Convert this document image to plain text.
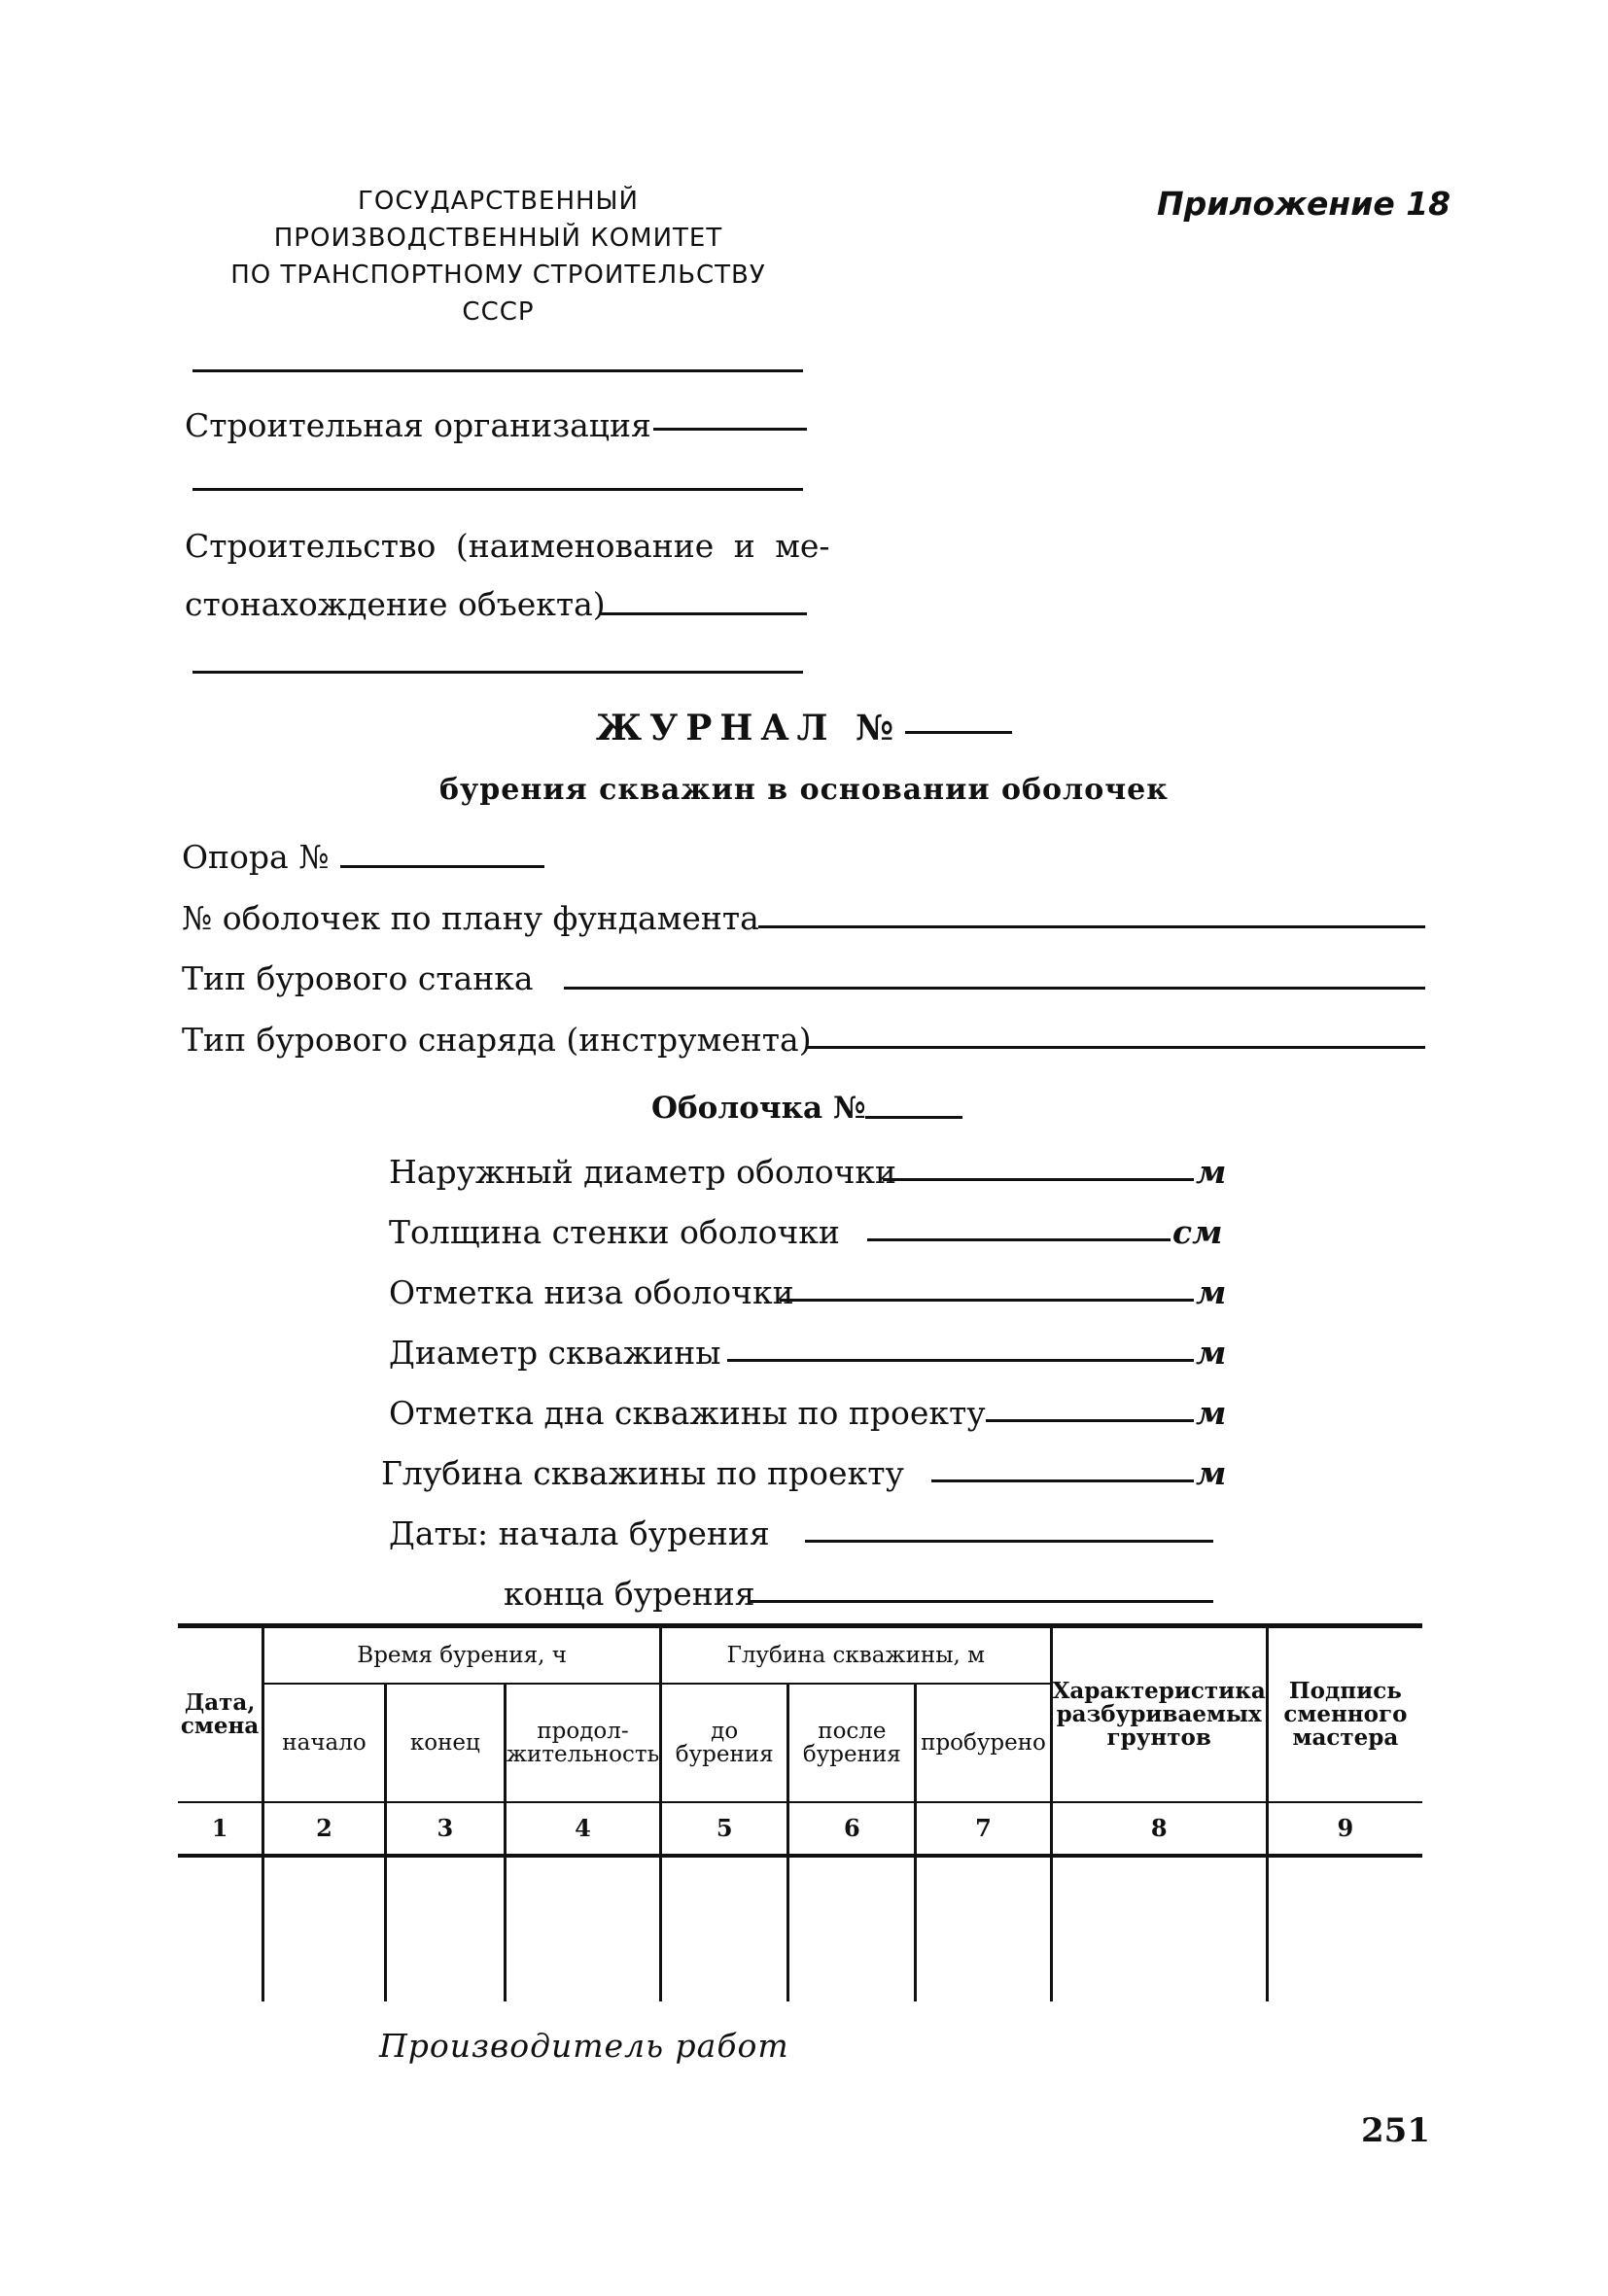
ГОСУДАРСТВЕННЫЙ
ПРОИЗВОДСТВЕННЫЙ КОМИТЕТ
ПО ТРАНСПОРТНОМУ СТРОИТЕЛЬСТВУ
СССР
Приложение 18
Строительная организация
Строительство (наименование и ме-
стонахождение объекта)
ЖУРНАЛ №
бурения скважин в основании оболочек
Опора №
№ оболочек по плану фундамента
Тип бурового станка
Тип бурового снаряда (инструмента)
Оболочка №
Наружный диаметр оболочки	м
Толщина стенки оболочки	см
Отметка низа оболочки	м
Диаметр скважины	м
Отметка дна скважины по проекту	м
Глубина скважины по проекту	м
Даты: начала бурения
конца бурения
Дата, смена	Время бурения, ч			Глубина скважины, м			Характеристика разбуриваемых грунтов	Подпись сменного мастера
	начало	конец	продол-жительность	до бурения	после бурения	пробурено		
1	2	3	4	5	6	7	8	9

Производитель работ
251
